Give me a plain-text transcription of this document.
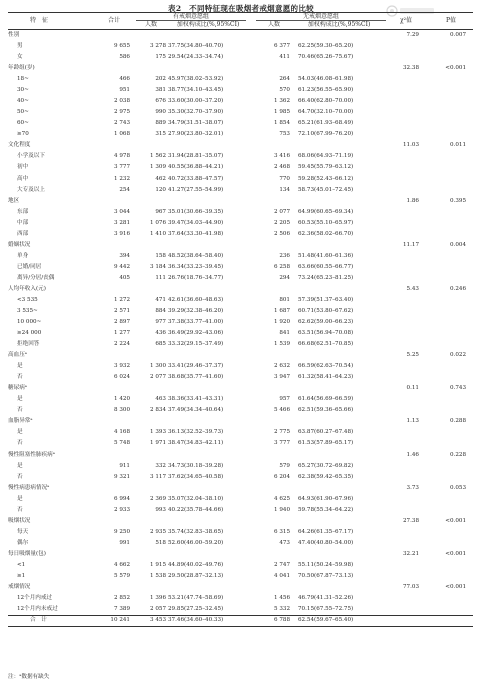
表2　不同特征现在吸烟者戒烟意愿的比较
特　征	合计
有戒烟意愿组	无戒烟意愿组
人数	加权构成比(%,95%CI)	人数	加权构成比(%,95%CI)
χ²值	P值
性别	7.29	0.007
男	9 655	3 278 37.75(34.80–40.70)	6 377 62.25(59.30–65.20)
女	586	175 29.54(24.33–34.74)	411 70.46(65.26–75.67)
年龄组(岁)	32.38	<0.001
18~	466	202 45.97(38.02–53.92)	264 54.03(46.08–61.98)
30~	951	381 38.77(34.10–43.45)	570 61.23(56.55–65.90)
40~	2 038	676 33.60(30.00–37.20)	1 362 66.40(62.80–70.00)
50~	2 975	990 35.30(32.70–37.90)	1 985 64.70(32.10–70.00)
60~	2 743	889 34.79(31.51–38.07)	1 854 65.21(61.93–68.49)
≥70	1 068	315 27.90(23.80–32.01)	753 72.10(67.99–76.20)
文化程度	11.03	0.011
小学及以下	4 978	1 562 31.94(28.81–35.07)	3 416 68.06(64.93–71.19)
初中	3 777	1 309 40.55(36.88–44.21)	2 468 59.45(55.79–63.12)
高中	1 232	462 40.72(33.88–47.57)	770 59.28(52.43–66.12)
大专及以上	254	120 41.27(27.55–54.99)	134 58.73(45.01–72.45)
地区	1.86	0.395
东部	3 044	967 35.01(30.66–39.35)	2 077 64.99(60.65–69.34)
中部	3 281	1 076 39.47(34.03–44.90)	2 205 60.53(55.10–65.97)
西部	3 916	1 410 37.64(33.30–41.98)	2 506 62.36(58.02–66.70)
婚姻状况	11.17	0.004
单身	394	158 48.52(38.64–58.40)	236 51.48(41.60–61.36)
已婚/同居	9 442	3 184 36.34(33.23–39.45)	6 258 63.66(60.55–66.77)
离异/分居/丧偶	405	111 26.76(18.76–34.77)	294 73.24(65.23–81.25)
人均年收入(元)	5.43	0.246
<3 535	1 272	471 42.61(36.60–48.63)	801 57.39(51.37–63.40)
3 535~	2 571	884 39.29(32.38–46.20)	1 687 60.71(53.80–67.62)
10 000~	2 897	977 37.38(33.77–41.00)	1 920 62.62(59.00–66.23)
≥24 000	1 277	436 36.49(29.92–43.06)	841 63.51(56.94–70.08)
拒绝回答	2 224	685 33.32(29.15–37.49)	1 539 66.68(62.51–70.85)
高血压ᵃ	5.25	0.022
是	3 932	1 300 33.41(29.46–37.37)	2 632 66.59(62.63–70.54)
否	6 024	2 077 38.68(35.77–41.60)	3 947 61.32(58.41–64.23)
糖尿病ᵃ	0.11	0.743
是	1 420	463 38.36(33.41–43.31)	957 61.64(56.69–66.59)
否	8 300	2 834 37.49(34.34–40.64)	5 466 62.51(59.36–65.66)
血脂异常ᵃ	1.13	0.288
是	4 168	1 393 36.13(32.52–39.73)	2 775 63.87(60.27–67.48)
否	5 748	1 971 38.47(34.83–42.11)	3 777 61.53(57.89–65.17)
慢性阻塞性肺疾病ᵃ	1.46	0.228
是	911	332 34.73(30.18–39.28)	579 65.27(30.72–69.82)
否	9 321	3 117 37.62(34.65–40.58)	6 204 62.38(59.42–65.35)
慢性病患病情况ᵃ	3.73	0.053
是	6 994	2 369 35.07(32.04–38.10)	4 625 64.93(61.90–67.96)
否	2 933	993 40.22(35.78–44.66)	1 940 59.78(55.34–64.22)
吸烟状况	27.38	<0.001
每天	9 250	2 935 35.74(32.83–38.65)	6 315 64.26(61.35–67.17)
偶尔	991	518 52.60(46.00–59.20)	473 47.40(40.80–54.00)
每日吸烟量(包)	32.21	<0.001
<1	4 662	1 915 44.89(40.02–49.76)	2 747 55.11(50.24–59.98)
≥1	5 579	1 538 29.50(28.87–32.13)	4 041 70.50(67.87–73.13)
戒烟情况	77.03	<0.001
12个月内戒过	2 852	1 396 53.21(47.74–58.69)	1 456 46.79(41.31–52.26)
12个月内未戒过	7 389	2 057 29.85(27.25–32.45)	5 332 70.15(67.55–72.75)
合　计	10 241	3 453 37.46(34.60–40.33)	6 788 62.54(59.67–65.40)
注：ᵃ数据有缺失
